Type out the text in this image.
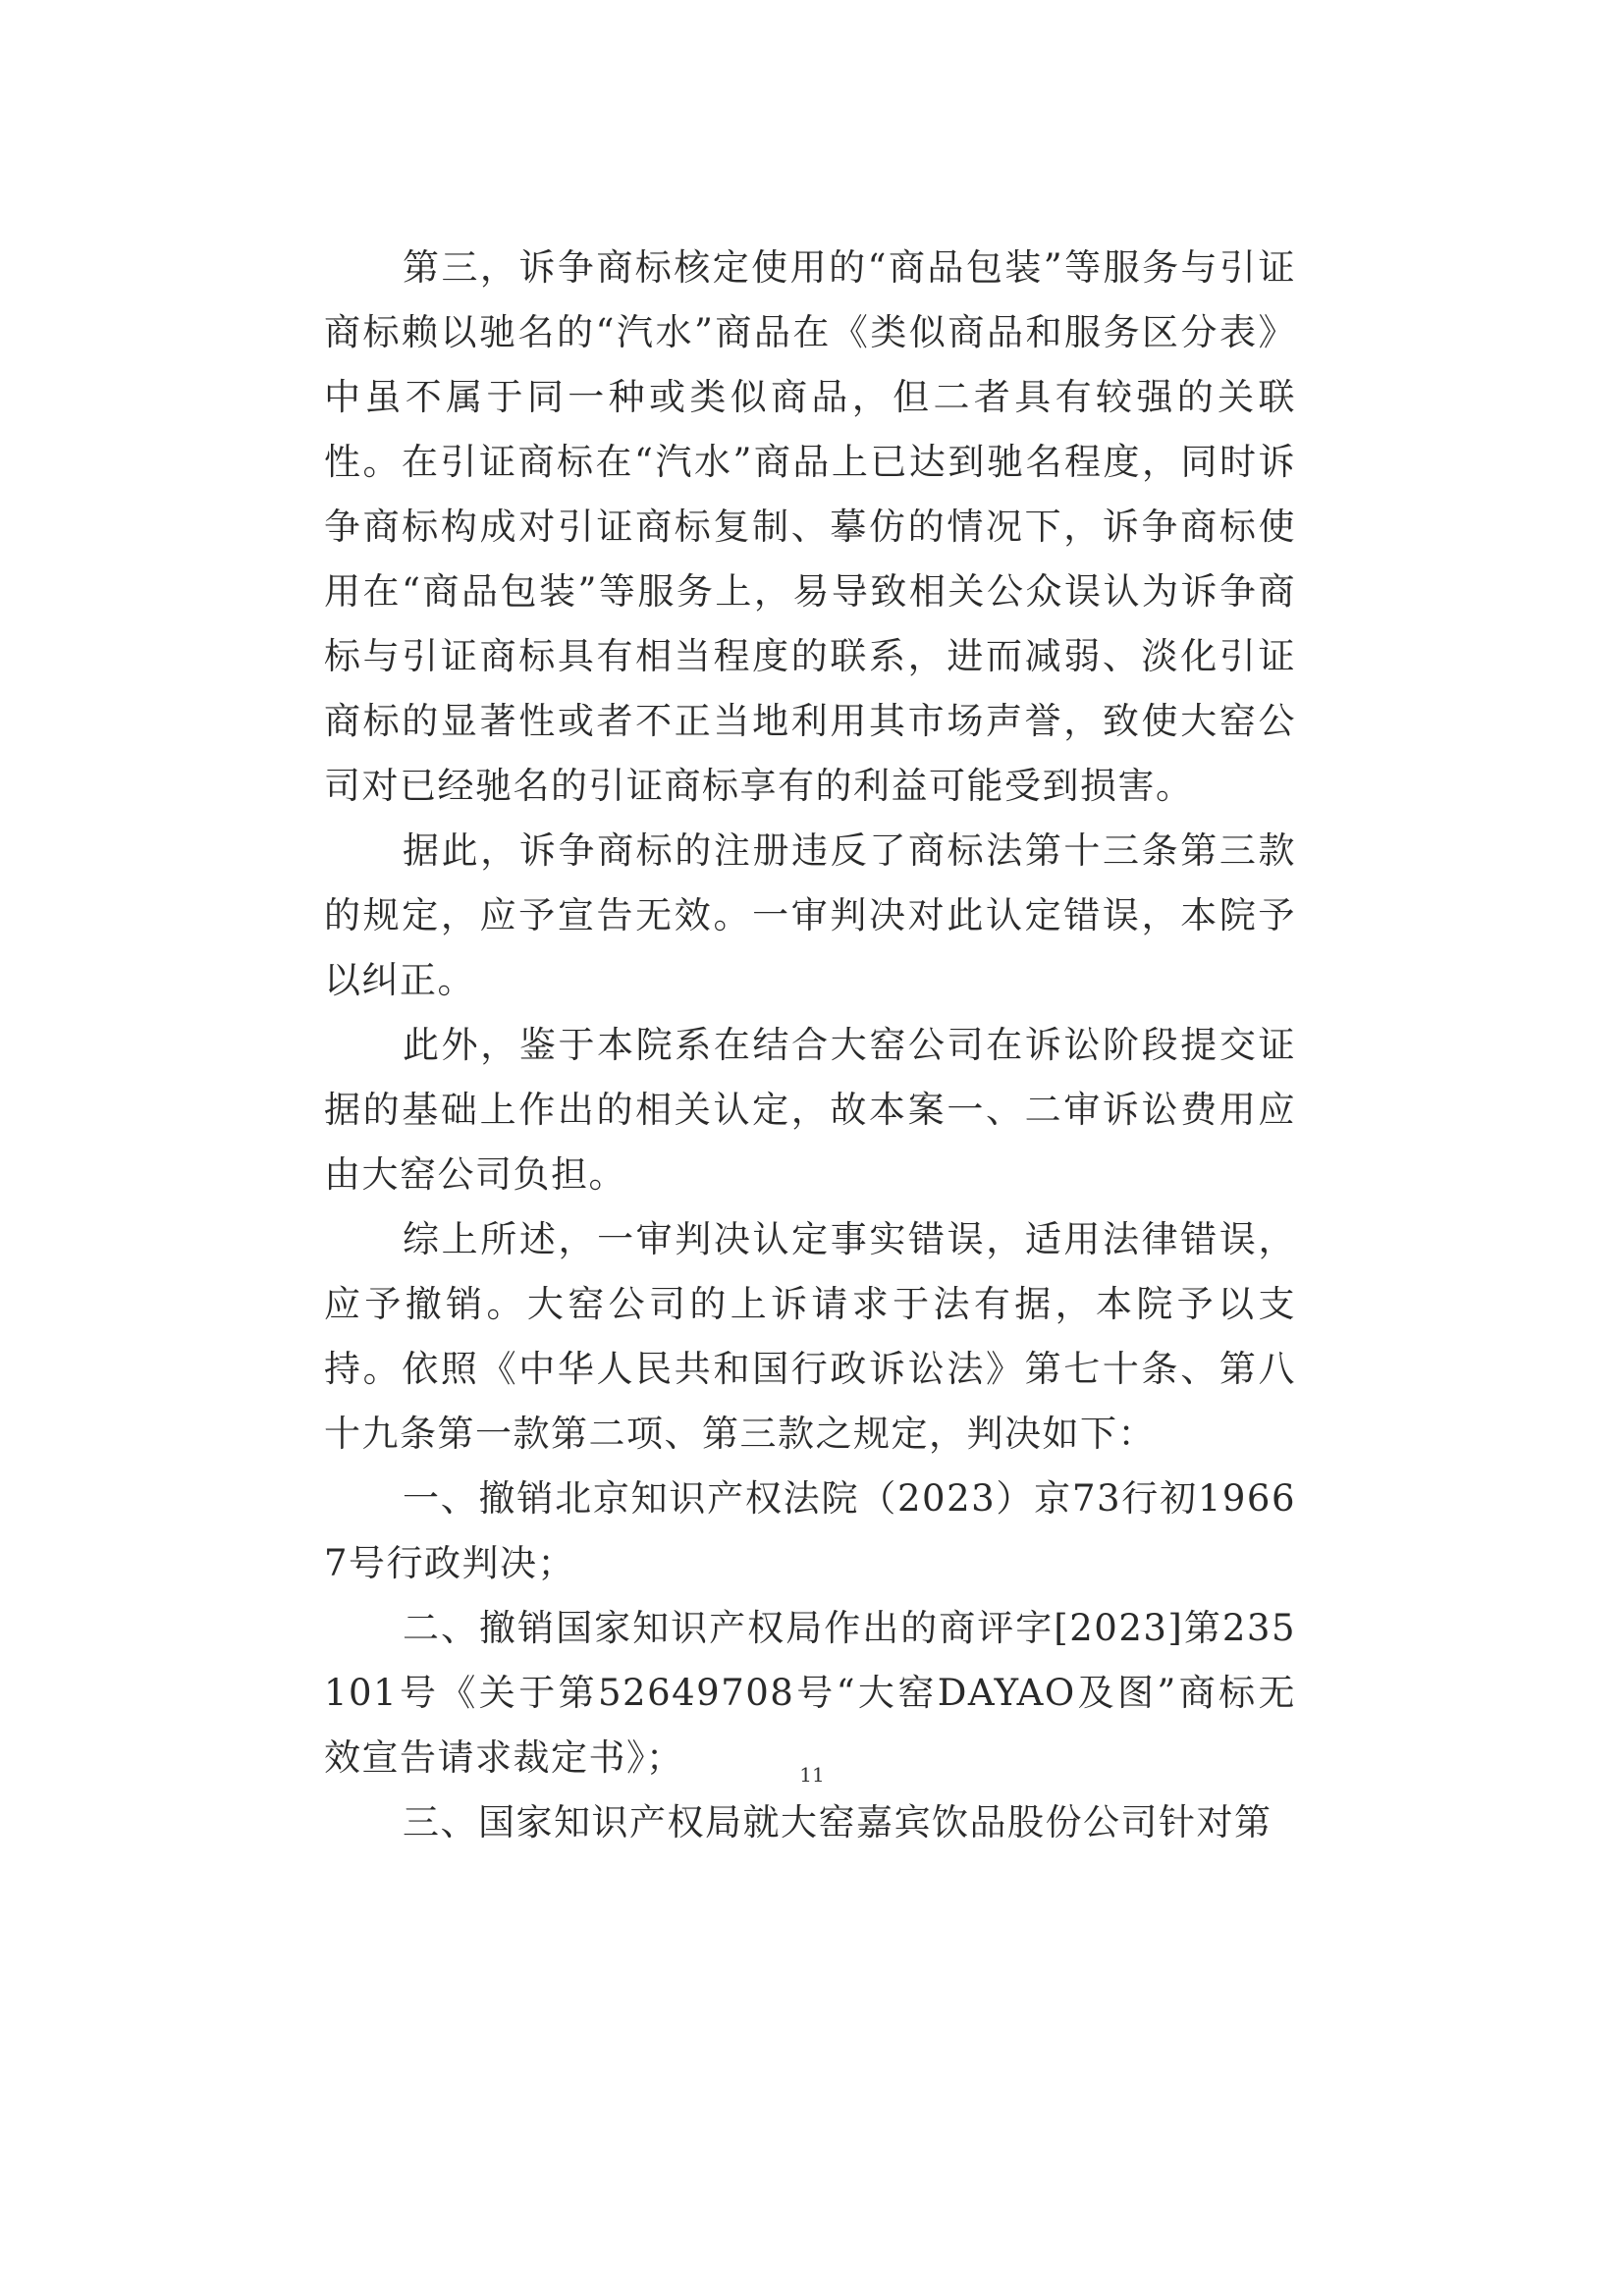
第三，诉争商标核定使用的“商品包装”等服务与引证商标赖以驰名的“汽水”商品在《类似商品和服务区分表》中虽不属于同一种或类似商品，但二者具有较强的关联性。在引证商标在“汽水”商品上已达到驰名程度，同时诉争商标构成对引证商标复制、摹仿的情况下，诉争商标使用在“商品包装”等服务上，易导致相关公众误认为诉争商标与引证商标具有相当程度的联系，进而减弱、淡化引证商标的显著性或者不正当地利用其市场声誉，致使大窑公司对已经驰名的引证商标享有的利益可能受到损害。

据此，诉争商标的注册违反了商标法第十三条第三款的规定，应予宣告无效。一审判决对此认定错误，本院予以纠正。

此外，鉴于本院系在结合大窑公司在诉讼阶段提交证据的基础上作出的相关认定，故本案一、二审诉讼费用应由大窑公司负担。

综上所述，一审判决认定事实错误，适用法律错误，应予撤销。大窑公司的上诉请求于法有据，本院予以支持。依照《中华人民共和国行政诉讼法》第七十条、第八十九条第一款第二项、第三款之规定，判决如下：

一、撤销北京知识产权法院（2023）京73行初19667号行政判决；

二、撤销国家知识产权局作出的商评字[2023]第235101号《关于第52649708号“大窑DAYAO及图”商标无效宣告请求裁定书》；

三、国家知识产权局就大窑嘉宾饮品股份公司针对第

11
